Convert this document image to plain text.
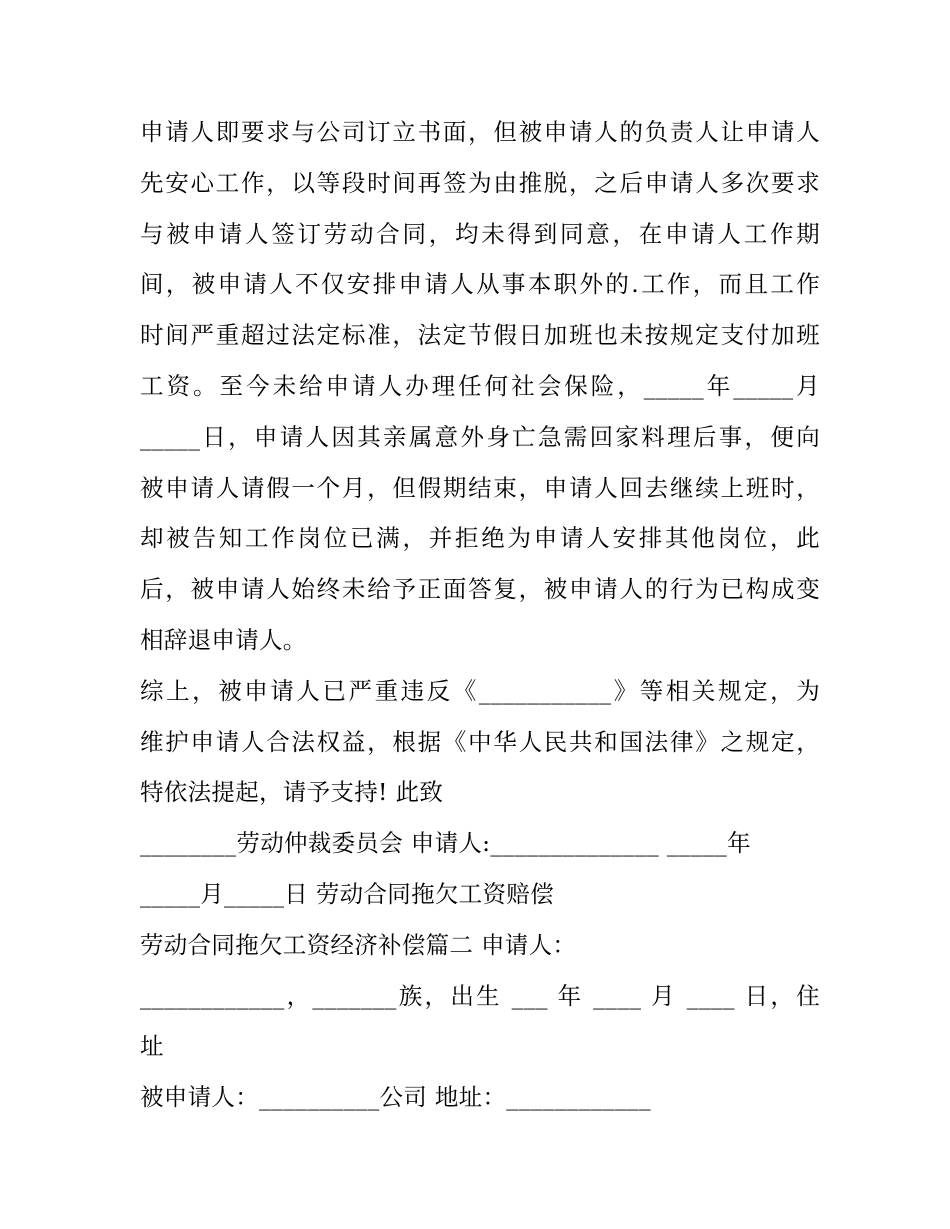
申请人即要求与公司订立书面，但被申请人的负责人让申请人
先安心工作，以等段时间再签为由推脱，之后申请人多次要求
与被申请人签订劳动合同，均未得到同意，在申请人工作期
间，被申请人不仅安排申请人从事本职外的.工作，而且工作
时间严重超过法定标准，法定节假日加班也未按规定支付加班
工资。至今未给申请人办理任何社会保险，_____年_____月
_____日，申请人因其亲属意外身亡急需回家料理后事，便向
被申请人请假一个月，但假期结束，申请人回去继续上班时，
却被告知工作岗位已满，并拒绝为申请人安排其他岗位，此
后，被申请人始终未给予正面答复，被申请人的行为已构成变
相辞退申请人。
综上，被申请人已严重违反《___________》等相关规定，为
维护申请人合法权益，根据《中华人民共和国法律》之规定，
特依法提起，请予支持! 此致
________劳动仲裁委员会 申请人:______________ _____年
_____月_____日 劳动合同拖欠工资赔偿
劳动合同拖欠工资经济补偿篇二 申请人：
____________，_______族，出生 ___ 年 ____ 月 ____ 日，住
址
被申请人：__________公司 地址：____________
